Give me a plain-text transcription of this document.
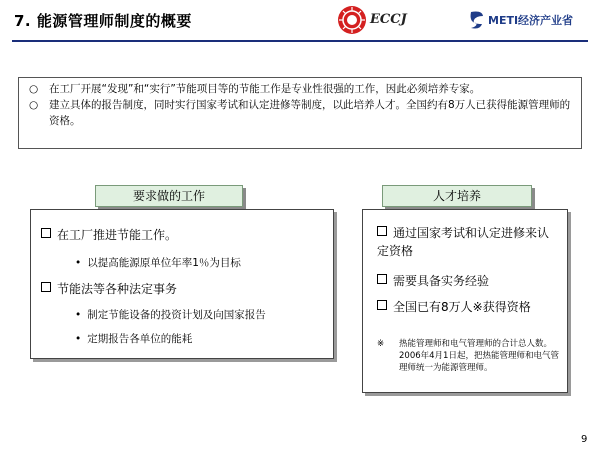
7. 能源管理师制度的概要	ECCJ	METI经济产业省
○ 在工厂开展“发现”和“实行”节能项目等的节能工作是专业性很强的工作，因此必须培养专家。
○ 建立具体的报告制度，同时实行国家考试和认定进修等制度，以此培养人才。全国约有8万人已获得能源管理师的资格。
要求做的工作	人才培养
在工厂推进节能工作。
• 以提高能源原单位年率1％为目标
节能法等各种法定事务
• 制定节能设备的投资计划及向国家报告
• 定期报告各单位的能耗
通过国家考试和认定进修来认定资格
需要具备实务经验
全国已有8万人※获得资格
※ 热能管理师和电气管理师的合计总人数。2006年4月1日起，把热能管理师和电气管理师统一为能源管理师。
9
